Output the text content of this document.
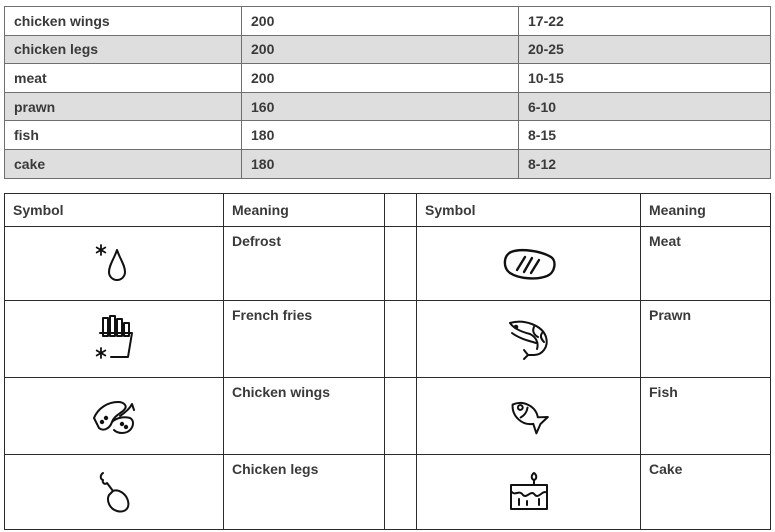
chicken wings	200	17-22
chicken legs	200	20-25
meat	200	10-15
prawn	160	6-10
fish	180	8-15
cake	180	8-12
Symbol	Meaning		Symbol	Meaning
	Defrost			Meat
	French fries			Prawn
	Chicken wings			Fish
	Chicken legs			Cake
